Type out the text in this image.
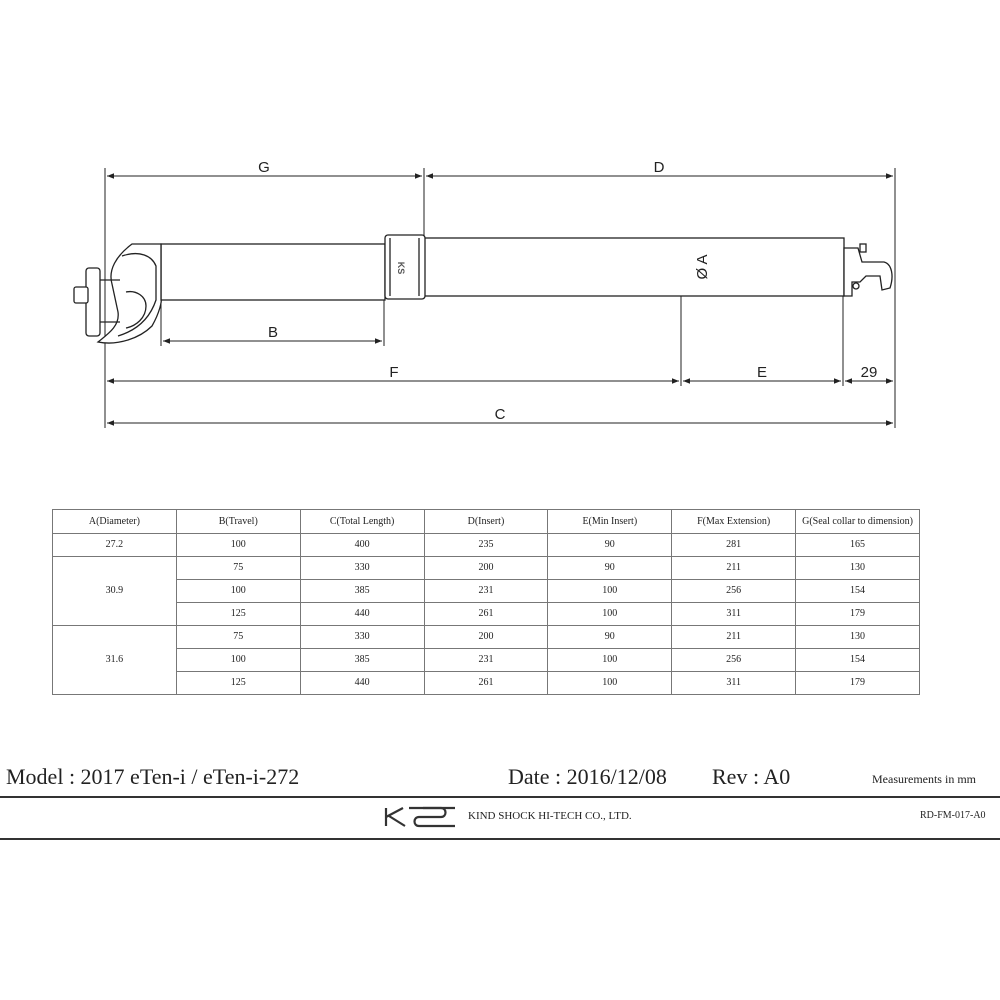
KS
G	D
B
F	E	29
C
Ø A
A(Diameter)	B(Travel)	C(Total Length)	D(Insert)	E(Min Insert)	F(Max Extension)	G(Seal collar to dimension)
27.2	100	400	235	90	281	165
30.9	75	330	200	90	211	130
	100	385	231	100	256	154
	125	440	261	100	311	179
31.6	75	330	200	90	211	130
	100	385	231	100	256	154
	125	440	261	100	311	179
Model : 2017 eTen-i / eTen-i-272	Date : 2016/12/08 Rev : A0	Measurements in mm
KIND SHOCK HI-TECH CO., LTD.	RD-FM-017-A0
